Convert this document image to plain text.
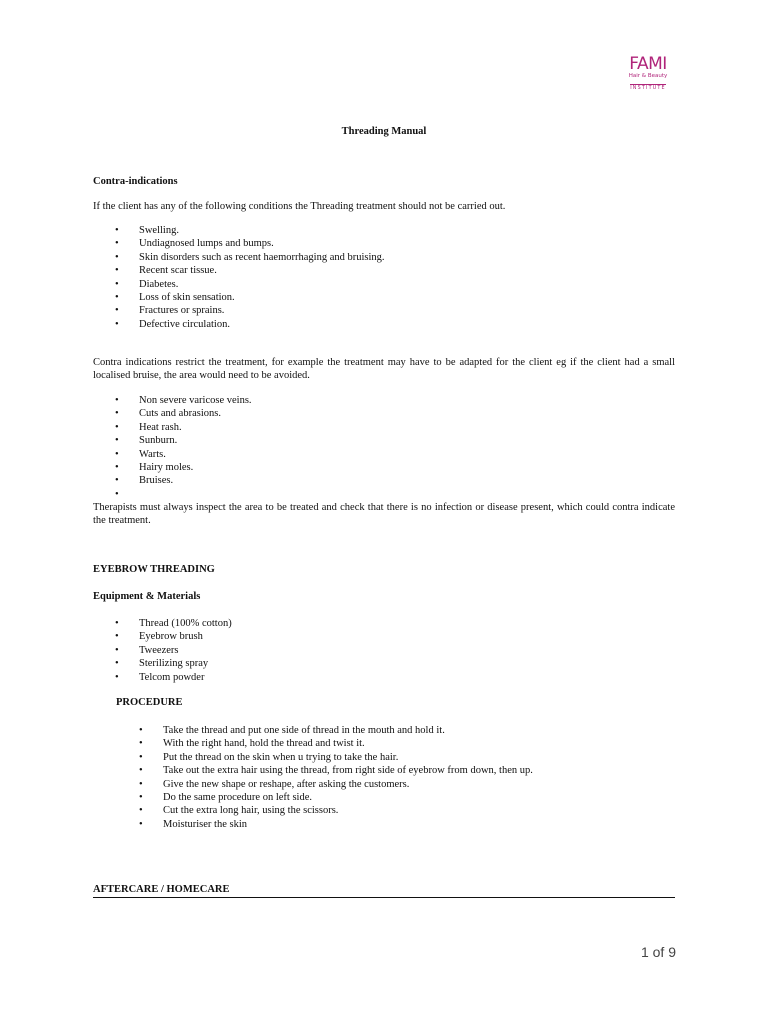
FAMI
Hair & Beauty
INSTITUTE
Threading Manual
Contra-indications
If the client has any of the following conditions the Threading treatment should not be carried out.
• Swelling.
• Undiagnosed lumps and bumps.
• Skin disorders such as recent haemorrhaging and bruising.
• Recent scar tissue.
• Diabetes.
• Loss of skin sensation.
• Fractures or sprains.
• Defective circulation.
Contra indications restrict the treatment, for example the treatment may have to be adapted for the client eg if the client had a small localised bruise, the area would need to be avoided.
• Non severe varicose veins.
• Cuts and abrasions.
• Heat rash.
• Sunburn.
• Warts.
• Hairy moles.
• Bruises.
•
Therapists must always inspect the area to be treated and check that there is no infection or disease present, which could contra indicate the treatment.
EYEBROW THREADING
Equipment & Materials
• Thread (100% cotton)
• Eyebrow brush
• Tweezers
• Sterilizing spray
• Telcom powder
PROCEDURE
• Take the thread and put one side of thread in the mouth and hold it.
• With the right hand, hold the thread and twist it.
• Put the thread on the skin when u trying to take the hair.
• Take out the extra hair using the thread, from right side of eyebrow from down, then up.
• Give the new shape or reshape, after asking the customers.
• Do the same procedure on left side.
• Cut the extra long hair, using the scissors.
• Moisturiser the skin
AFTERCARE / HOMECARE
1 of 9
